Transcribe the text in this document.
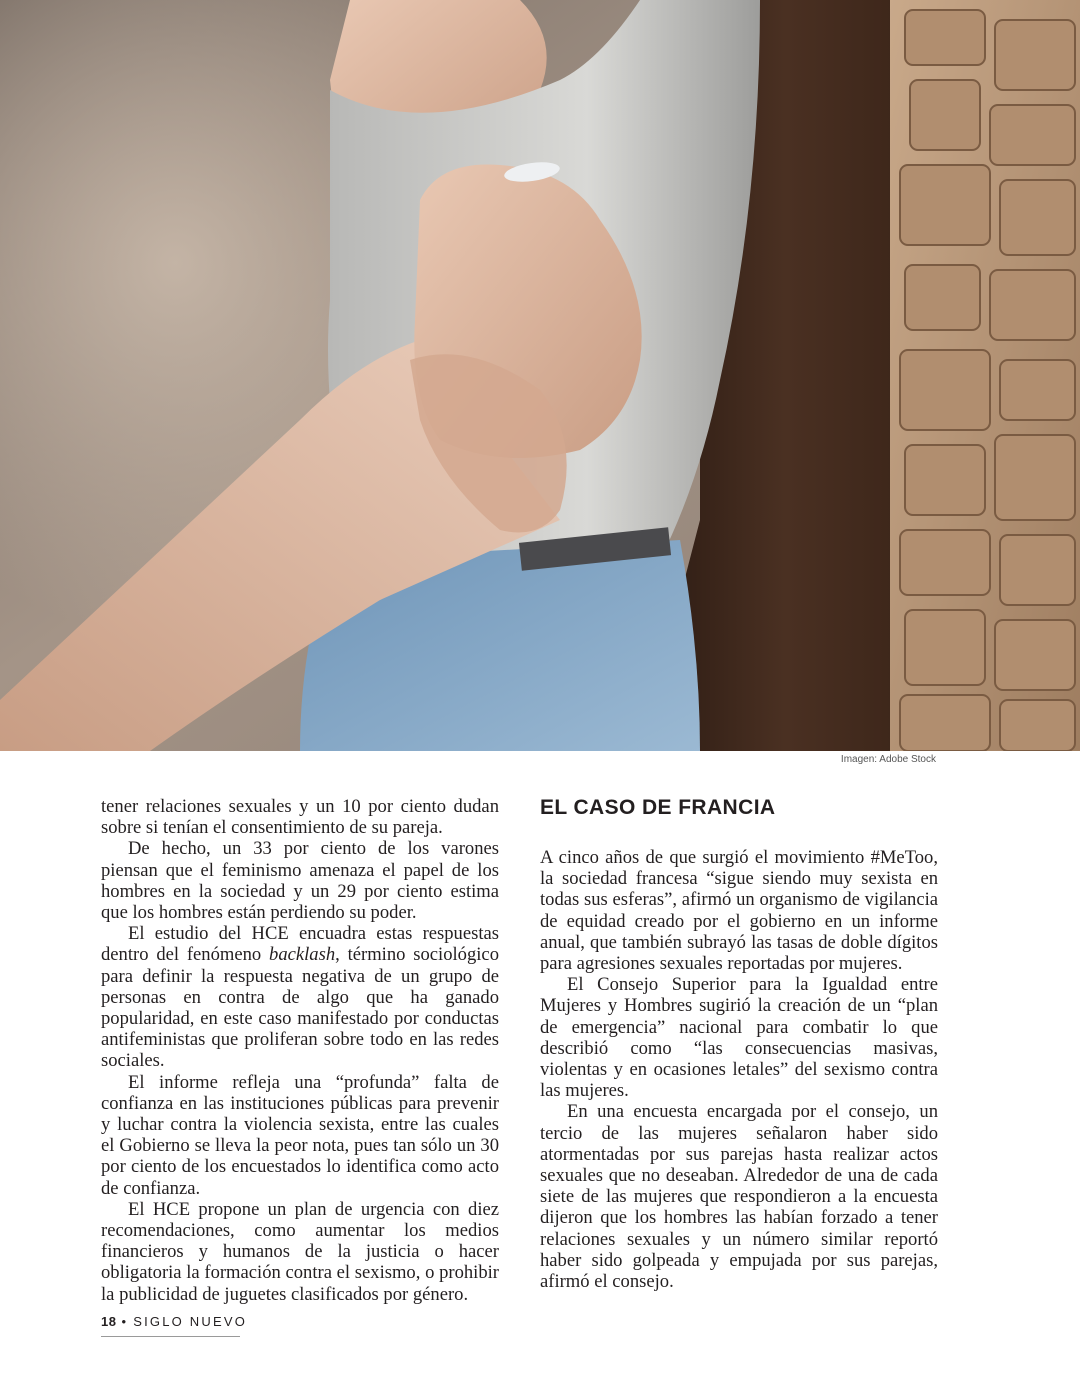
Imagen: Adobe Stock

tener relaciones sexuales y un 10 por ciento dudan sobre si tenían el consentimiento de su pareja.

De hecho, un 33 por ciento de los varones piensan que el feminismo amenaza el papel de los hombres en la sociedad y un 29 por ciento estima que los hombres están perdiendo su poder.

El estudio del HCE encuadra estas respuestas dentro del fenómeno backlash, término sociológico para definir la respuesta negativa de un grupo de personas en contra de algo que ha ganado popularidad, en este caso manifestado por conductas antifeministas que proliferan sobre todo en las redes sociales.

El informe refleja una “profunda” falta de confianza en las instituciones públicas para prevenir y luchar contra la violencia sexista, entre las cuales el Gobierno se lleva la peor nota, pues tan sólo un 30 por ciento de los encuestados lo identifica como acto de confianza.

El HCE propone un plan de urgencia con diez recomendaciones, como aumentar los medios financieros y humanos de la justicia o hacer obligatoria la formación contra el sexismo, o prohibir la publicidad de juguetes clasificados por género.

EL CASO DE FRANCIA

A cinco años de que surgió el movimiento #MeToo, la sociedad francesa “sigue siendo muy sexista en todas sus esferas”, afirmó un organismo de vigilancia de equidad creado por el gobierno en un informe anual, que también subrayó las tasas de doble dígitos para agresiones sexuales reportadas por mujeres.

El Consejo Superior para la Igualdad entre Mujeres y Hombres sugirió la creación de un “plan de emergencia” nacional para combatir lo que describió como “las consecuencias masivas, violentas y en ocasiones letales” del sexismo contra las mujeres.

En una encuesta encargada por el consejo, un tercio de las mujeres señalaron haber sido atormentadas por sus parejas hasta realizar actos sexuales que no deseaban. Alrededor de una de cada siete de las mujeres que respondieron a la encuesta dijeron que los hombres las habían forzado a tener relaciones sexuales y un número similar reportó haber sido golpeada y empujada por sus parejas, afirmó el consejo.

18 • SIGLO NUEVO
